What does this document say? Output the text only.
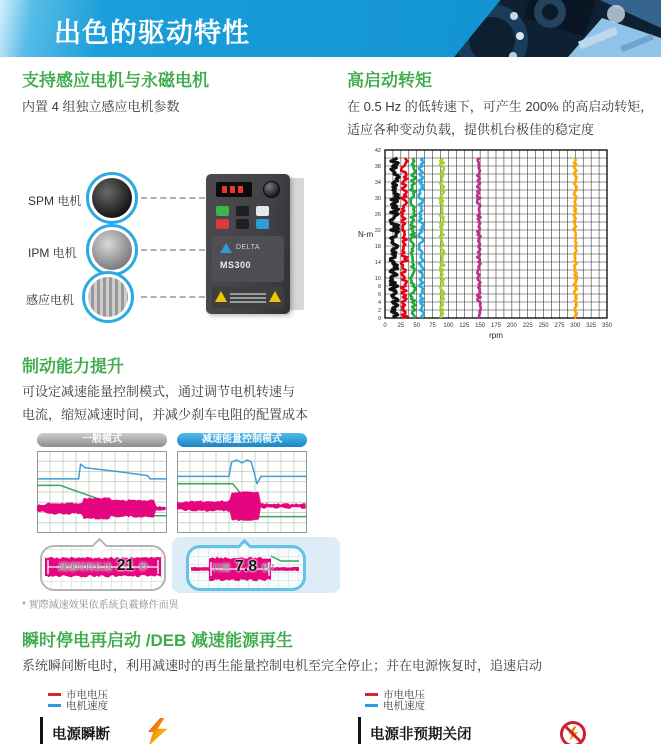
出色的驱动特性
支持感应电机与永磁电机
内置 4 组独立感应电机参数
高启动转矩
在 0.5 Hz 的低转速下，可产生 200% 的高启动转矩，
适应各种变动负载，提供机台极佳的稳定度
SPM 电机
IPM 电机
感应电机
DELTA
MS300
0 25 50 75 100 125 150 175 200 225 250 275 300 325 350
0
2
4
6
8
10
14
18
22
26
30
34
38
42
N-m
rpm
制动能力提升
可设定减速能量控制模式，通过调节电机转速与
电流，缩短减速时间，并减少刹车电阻的配置成本
一般模式	减速能量控制模式
减速时间长达 21 秒	只需 7.8 秒！
* 實際減速效果依系統負載條件而異
瞬时停电再启动 /DEB 减速能源再生
系统瞬间断电时，利用减速时的再生能量控制电机至完全停止；并在电源恢复时，追速启动
市电电压
电机速度
市电电压
电机速度
电源瞬断	电源非预期关闭
